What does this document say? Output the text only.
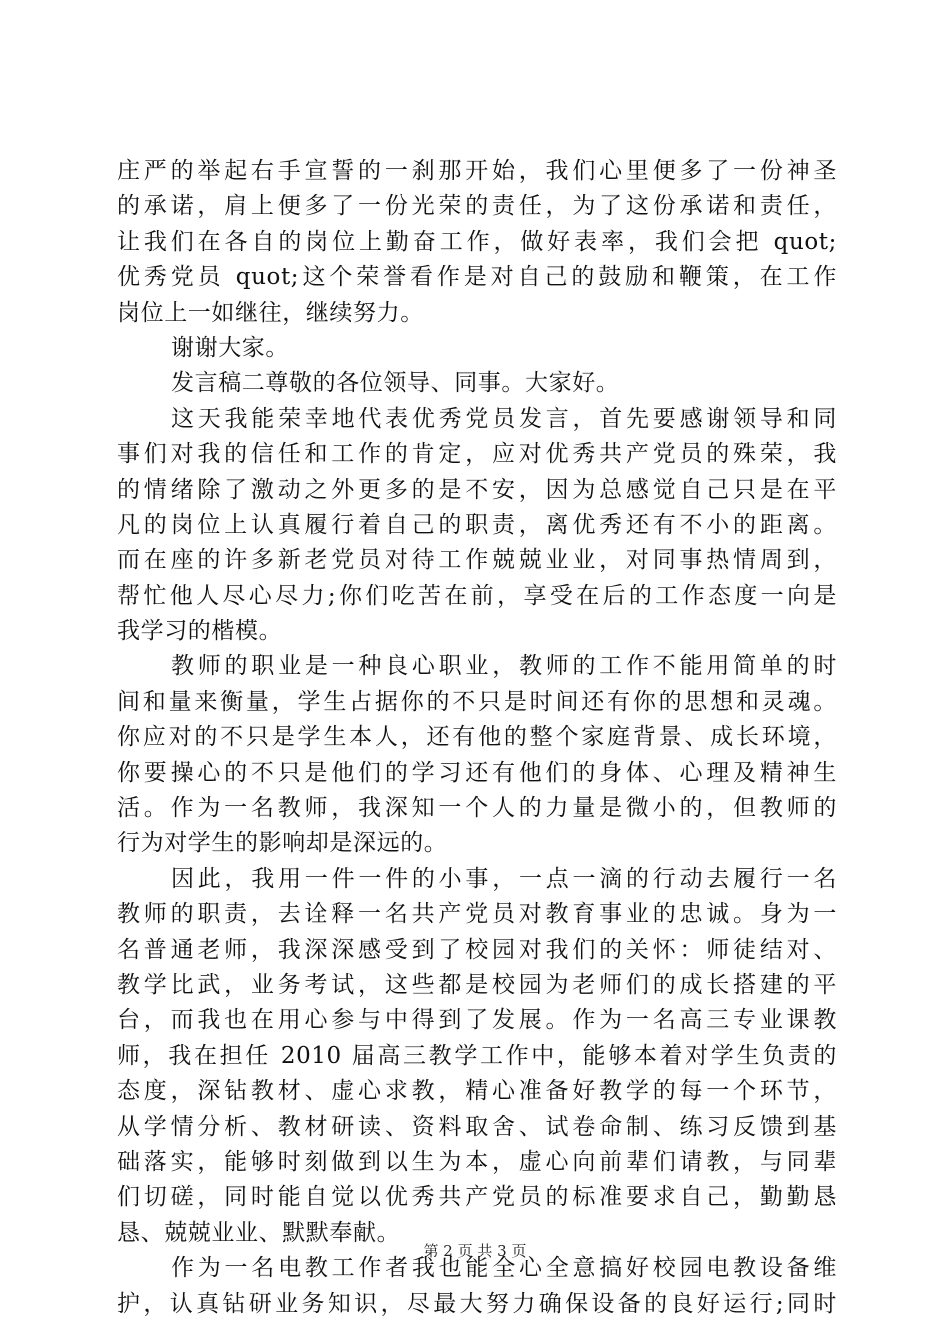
庄严的举起右手宣誓的一刹那开始，我们心里便多了一份神圣
的承诺，肩上便多了一份光荣的责任，为了这份承诺和责任，
让我们在各自的岗位上勤奋工作，做好表率，我们会把 quot;
优秀党员 quot;这个荣誉看作是对自己的鼓励和鞭策，在工作
岗位上一如继往，继续努力。
谢谢大家。
发言稿二尊敬的各位领导、同事。大家好。
这天我能荣幸地代表优秀党员发言，首先要感谢领导和同
事们对我的信任和工作的肯定，应对优秀共产党员的殊荣，我
的情绪除了激动之外更多的是不安，因为总感觉自己只是在平
凡的岗位上认真履行着自己的职责，离优秀还有不小的距离。
而在座的许多新老党员对待工作兢兢业业，对同事热情周到，
帮忙他人尽心尽力;你们吃苦在前，享受在后的工作态度一向是
我学习的楷模。
教师的职业是一种良心职业，教师的工作不能用简单的时
间和量来衡量，学生占据你的不只是时间还有你的思想和灵魂。
你应对的不只是学生本人，还有他的整个家庭背景、成长环境，
你要操心的不只是他们的学习还有他们的身体、心理及精神生
活。作为一名教师，我深知一个人的力量是微小的，但教师的
行为对学生的影响却是深远的。
因此，我用一件一件的小事，一点一滴的行动去履行一名
教师的职责，去诠释一名共产党员对教育事业的忠诚。身为一
名普通老师，我深深感受到了校园对我们的关怀：师徒结对、
教学比武，业务考试，这些都是校园为老师们的成长搭建的平
台，而我也在用心参与中得到了发展。作为一名高三专业课教
师，我在担任 2010 届高三教学工作中，能够本着对学生负责的
态度，深钻教材、虚心求教，精心准备好教学的每一个环节，
从学情分析、教材研读、资料取舍、试卷命制、练习反馈到基
础落实，能够时刻做到以生为本，虚心向前辈们请教，与同辈
们切磋，同时能自觉以优秀共产党员的标准要求自己，勤勤恳
恳、兢兢业业、默默奉献。
作为一名电教工作者我也能全心全意搞好校园电教设备维
护，认真钻研业务知识，尽最大努力确保设备的良好运行;同时
第 2 页 共 3 页
